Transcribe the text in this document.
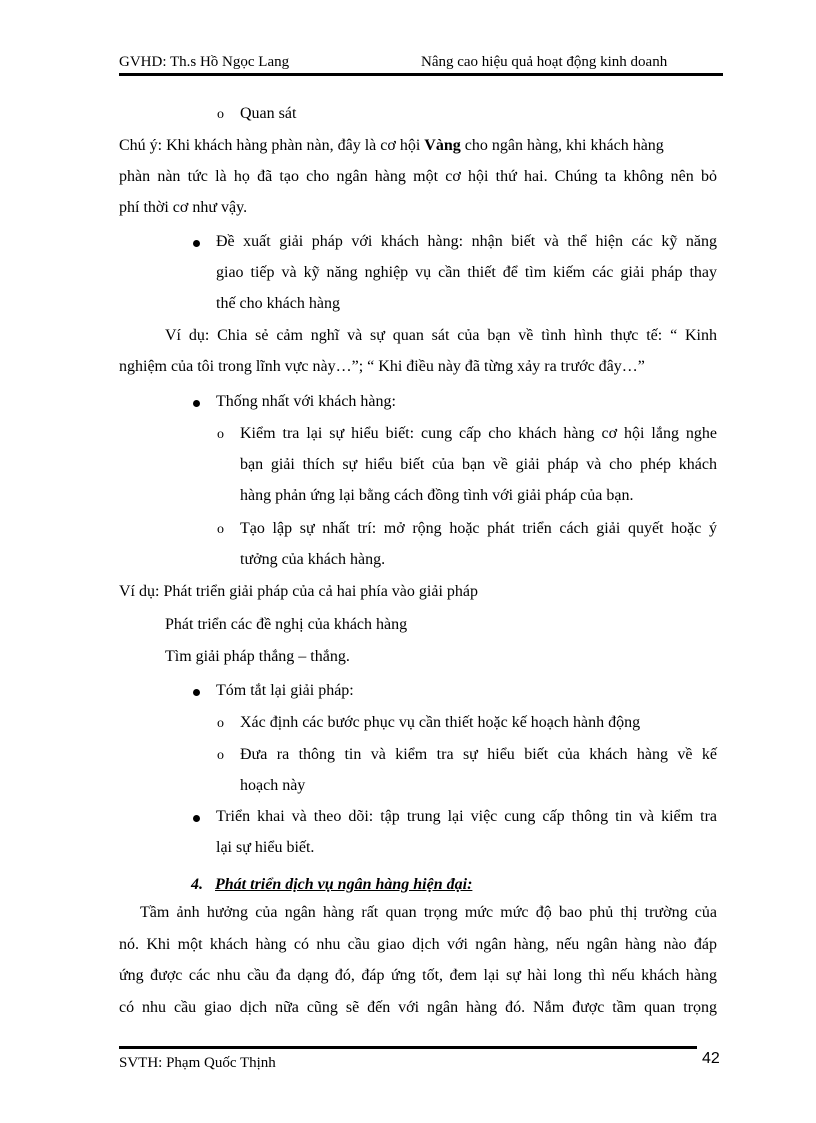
GVHD: Th.s Hồ Ngọc Lang	Nâng cao hiệu quả hoạt động kinh doanh
o Quan sát
Chú ý: Khi khách hàng phàn nàn, đây là cơ hội Vàng cho ngân hàng, khi khách hàng
phàn nàn tức là họ đã tạo cho ngân hàng một cơ hội thứ hai. Chúng ta không nên bỏ
phí thời cơ như vậy.
Đề xuất giải pháp với khách hàng: nhận biết và thể hiện các kỹ năng
giao tiếp và kỹ năng nghiệp vụ cần thiết để tìm kiếm các giải pháp thay
thế cho khách hàng
Ví dụ: Chia sẻ cảm nghĩ và sự quan sát của bạn về tình hình thực tế: “ Kinh
nghiệm của tôi trong lĩnh vực này…”; “ Khi điều này đã từng xảy ra trước đây…”
Thống nhất với khách hàng:
o Kiểm tra lại sự hiểu biết: cung cấp cho khách hàng cơ hội lắng nghe
bạn giải thích sự hiểu biết của bạn về giải pháp và cho phép khách
hàng phản ứng lại bằng cách đồng tình với giải pháp của bạn.
o Tạo lập sự nhất trí: mở rộng hoặc phát triển cách giải quyết hoặc ý
tưởng của khách hàng.
Ví dụ: Phát triển giải pháp của cả hai phía vào giải pháp
Phát triển các đề nghị của khách hàng
Tìm giải pháp thắng – thắng.
Tóm tắt lại giải pháp:
o Xác định các bước phục vụ cần thiết hoặc kế hoạch hành động
o Đưa ra thông tin và kiểm tra sự hiểu biết của khách hàng về kế
hoạch này
Triển khai và theo dõi: tập trung lại việc cung cấp thông tin và kiểm tra
lại sự hiểu biết.
4. Phát triển dịch vụ ngân hàng hiện đại:
Tầm ảnh hưởng của ngân hàng rất quan trọng mức mức độ bao phủ thị trường của
nó. Khi một khách hàng có nhu cầu giao dịch với ngân hàng, nếu ngân hàng nào đáp
ứng được các nhu cầu đa dạng đó, đáp ứng tốt, đem lại sự hài long thì nếu khách hàng
có nhu cầu giao dịch nữa cũng sẽ đến với ngân hàng đó. Nắm được tầm quan trọng
SVTH: Phạm Quốc Thịnh	42
